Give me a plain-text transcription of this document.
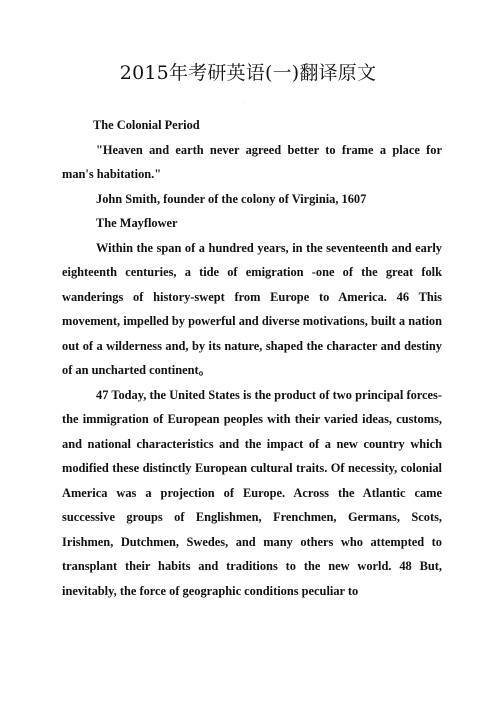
2015年考研英语(一)翻译原文
·

The Colonial Period

"Heaven and earth never agreed better to frame a place for man's habitation."

John Smith, founder of the colony of Virginia, 1607

The Mayflower

Within the span of a hundred years, in the seventeenth and early eighteenth centuries, a tide of emigration -one of the great folk wanderings of history-swept from Europe to America. 46 This movement, impelled by powerful and diverse motivations, built a nation out of a wilderness and, by its nature, shaped the character and destiny of an uncharted continent。

47 Today, the United States is the product of two principal forces-the immigration of European peoples with their varied ideas, customs, and national characteristics and the impact of a new country which modified these distinctly European cultural traits. Of necessity, colonial America was a projection of Europe. Across the Atlantic came successive groups of Englishmen, Frenchmen, Germans, Scots, Irishmen, Dutchmen, Swedes, and many others who attempted to transplant their habits and traditions to the new world. 48 But, inevitably, the force of geographic conditions peculiar to
